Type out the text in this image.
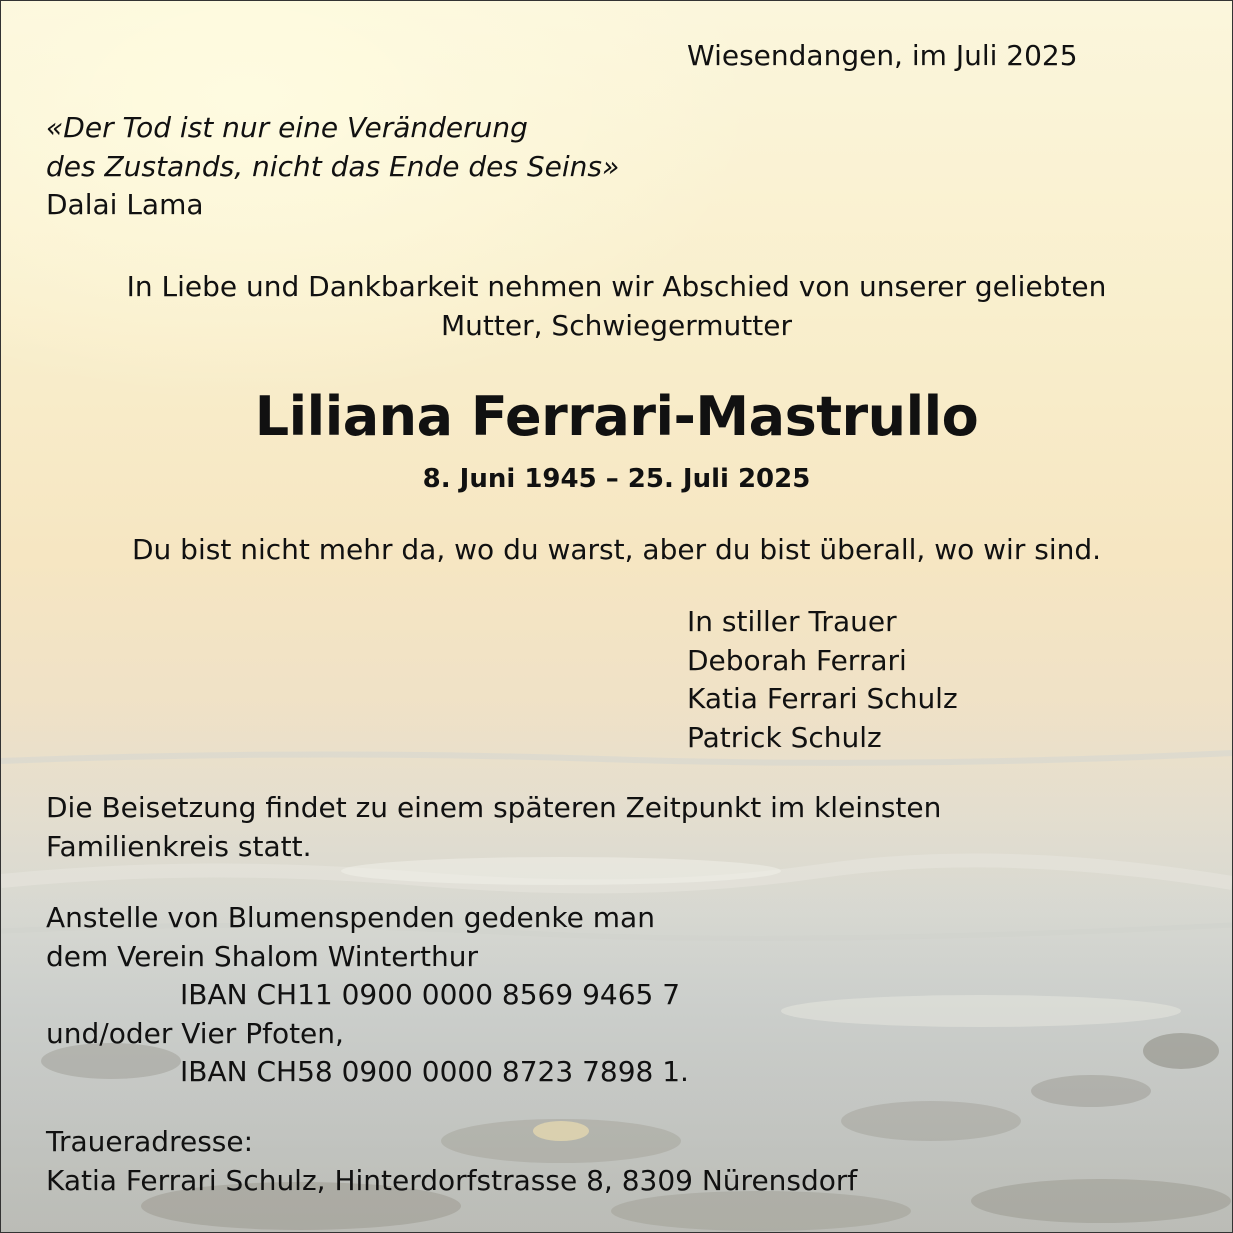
Wiesendangen, im Juli 2025
«Der Tod ist nur eine Veränderung
des Zustands, nicht das Ende des Seins»
Dalai Lama
In Liebe und Dankbarkeit nehmen wir Abschied von unserer geliebten
Mutter, Schwiegermutter
Liliana Ferrari-Mastrullo
8. Juni 1945 – 25. Juli 2025
Du bist nicht mehr da, wo du warst, aber du bist überall, wo wir sind.
In stiller Trauer
Deborah Ferrari
Katia Ferrari Schulz
Patrick Schulz
Die Beisetzung findet zu einem späteren Zeitpunkt im kleinsten
Familienkreis statt.
Anstelle von Blumenspenden gedenke man
dem Verein Shalom Winterthur
IBAN CH11 0900 0000 8569 9465 7
und/oder Vier Pfoten,
IBAN CH58 0900 0000 8723 7898 1.
Traueradresse:
Katia Ferrari Schulz, Hinterdorfstrasse 8, 8309 Nürensdorf
